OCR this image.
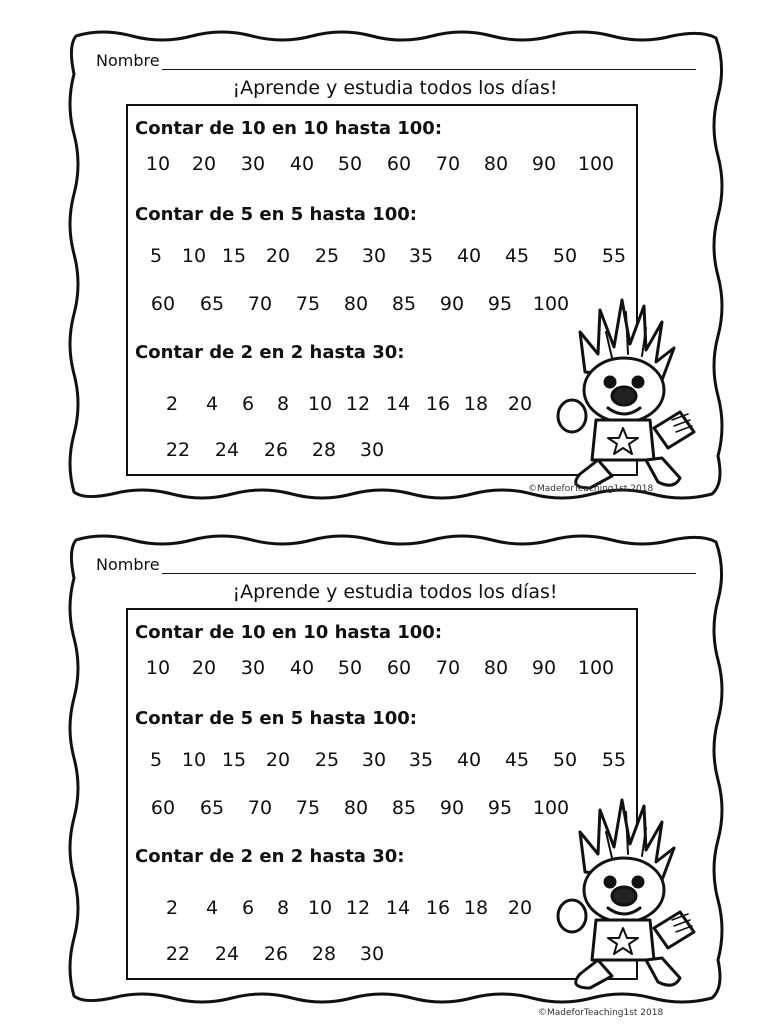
Nombre
¡Aprende y estudia todos los días!
Contar de 10 en 10 hasta 100:
10 20 30 40 50 60 70 80 90 100
Contar de 5 en 5 hasta 100:
5 10 15 20 25 30 35 40 45 50 55
60 65 70 75 80 85 90 95 100
Contar de 2 en 2 hasta 30:
2 4 6 8 10 12 14 16 18 20
22 24 26 28 30
©MadeforTeaching1st 2018
Nombre
¡Aprende y estudia todos los días!
Contar de 10 en 10 hasta 100:
10 20 30 40 50 60 70 80 90 100
Contar de 5 en 5 hasta 100:
5 10 15 20 25 30 35 40 45 50 55
60 65 70 75 80 85 90 95 100
Contar de 2 en 2 hasta 30:
2 4 6 8 10 12 14 16 18 20
22 24 26 28 30
©MadeforTeaching1st 2018
